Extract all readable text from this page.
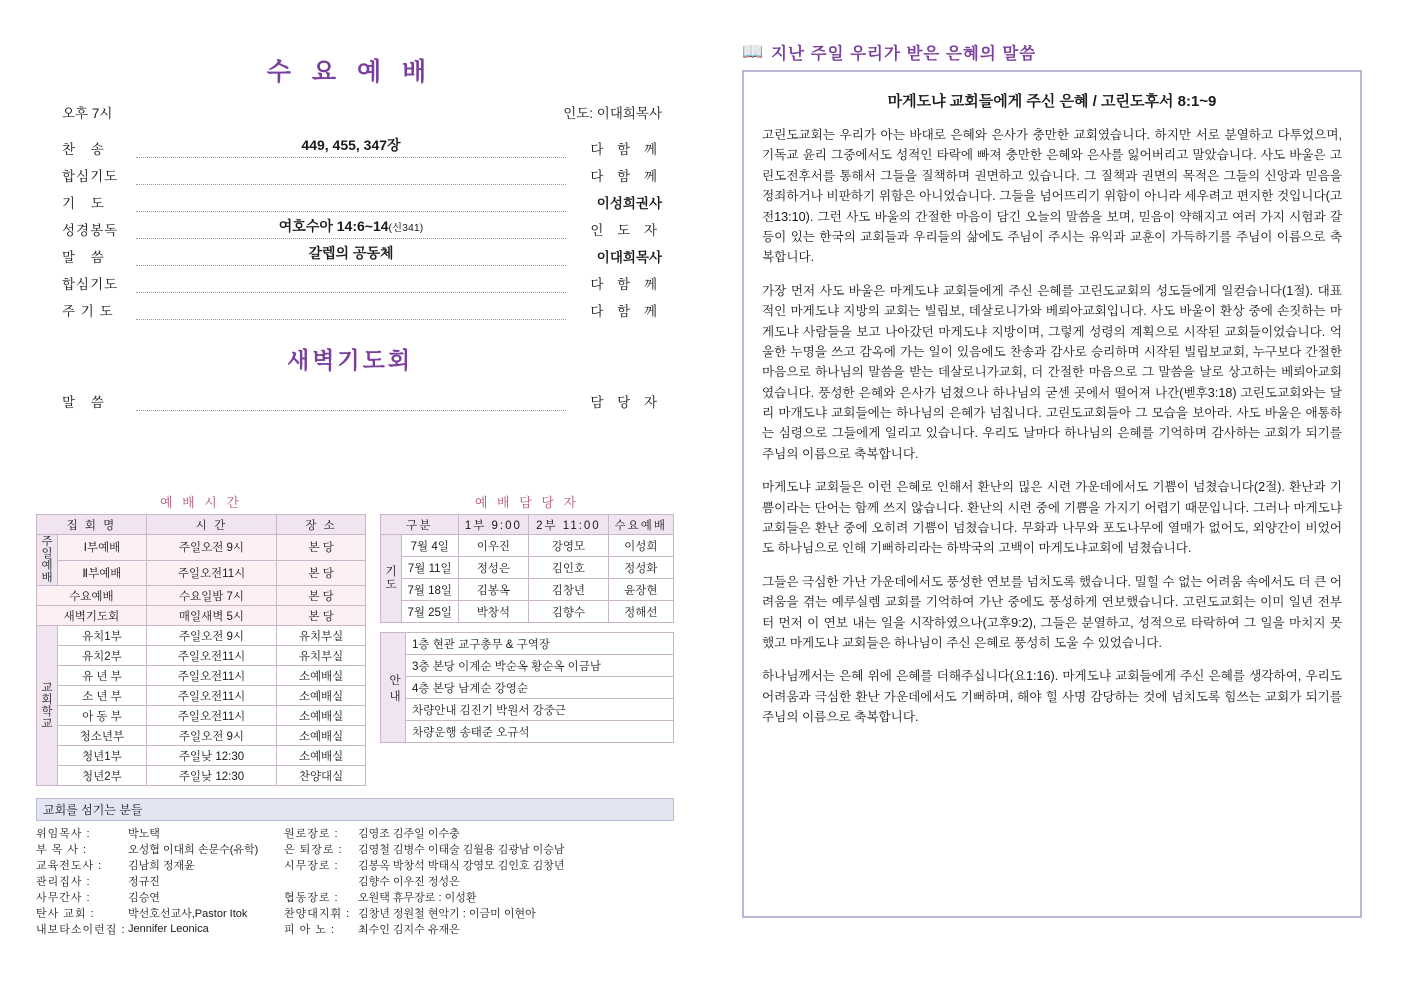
수 요 예 배
오후 7시	인도: 이대희목사
찬 송	449, 455, 347장	다 함 께
합심기도	다 함 께
기 도	이성희권사
성경봉독	여호수아 14:6~14(신341)	인 도 자
말 씀	갈렙의 공동체	이대희목사
합심기도	다 함 께
주 기 도	다 함 께
새벽기도회
말 씀	담 당 자
예 배 시 간
집 회 명		시 간	장 소
주일예배	Ⅰ부예배	주일오전 9시	본 당
	Ⅱ부예배	주일오전11시	본 당
수요예배		수요일밤 7시	본 당
새벽기도회		매일새벽 5시	본 당
교회학교	유치1부	주일오전 9시	유치부실
	유치2부	주일오전11시	유치부실
	유 년 부	주일오전11시	소예배실
	소 년 부	주일오전11시	소예배실
	아 동 부	주일오전11시	소예배실
	청소년부	주일오전 9시	소예배실
	청년1부	주일낮 12:30	소예배실
	청년2부	주일낮 12:30	찬양대실
예 배 담 당 자
구분		1부 9:00	2부 11:00	수요예배
기도	7월 4일	이우진	강영모	이성희
	7월 11일	정성은	김인호	정성화
	7월 18일	김봉옥	김창년	윤장현
	7월 25일	박창석	김향수	정해선
안내	1층 현관 교구총무 & 구역장
3층 본당 이계순 박순옥 황순옥 이금남
4층 본당 남계순 강영순
차량안내 김진기 박원서 강중근
차량운행 송태준 오규석
교회를 섬기는 분들
위임목사 :	박노택
부 목 사 :	오성협 이대희 손문수(유학)
교육전도사 :	김남희 정재윤
관리집사 :	정규진
사무간사 :	김승연
탄사 교회 :	박선호선교사,Pastor Itok
내보타소이런집 : Jennifer Leonica
원로장로 :	김영조 김주일 이수충
은 퇴장로 :	김영철 김병수 이태술 김월용 김광남 이승남
시무장로 :	김봉옥 박창석 박태식 강영모 김인호 김창년
김향수 이우진 정성은
협동장로 :	오원택 휴무장로 : 이성환
찬양대지휘 : 김창년 정원철 현악기 : 이금미 이현아
피 아 노 :	최수인 김지수 유재은
📖 지난 주일 우리가 받은 은혜의 말씀
마게도냐 교회들에게 주신 은혜 / 고린도후서 8:1~9

고린도교회는 우리가 아는 바대로 은혜와 은사가 충만한 교회였습니다. 하지만 서로 분열하고 다투었으며, 기독교 윤리 그중에서도 성적인 타락에 빠져 충만한 은혜와 은사를 잃어버리고 말았습니다. 사도 바울은 고린도전후서를 통해서 그들을 질책하며 권면하고 있습니다. 그 질책과 권면의 목적은 그들의 신앙과 믿음을 정죄하거나 비판하기 위함은 아니었습니다. 그들을 넘어뜨리기 위함이 아니라 세우려고 편지한 것입니다(고전13:10). 그런 사도 바울의 간절한 마음이 담긴 오늘의 말씀을 보며, 믿음이 약해지고 여러 가지 시험과 갈등이 있는 한국의 교회들과 우리들의 삶에도 주님이 주시는 유익과 교훈이 가득하기를 주님이 이름으로 축복합니다.

가장 먼저 사도 바울은 마게도냐 교회들에게 주신 은혜를 고린도교회의 성도들에게 일컫습니다(1절). 대표적인 마게도냐 지방의 교회는 빌립보, 데살로니가와 베뢰아교회입니다. 사도 바울이 환상 중에 손짓하는 마게도냐 사람들을 보고 나아갔던 마게도냐 지방이며, 그렇게 성령의 계획으로 시작된 교회들이었습니다. 억울한 누명을 쓰고 감옥에 가는 일이 있음에도 찬송과 감사로 승리하며 시작된 빌립보교회, 누구보다 간절한 마음으로 하나님의 말씀을 받는 데살로니가교회, 더 간절한 마음으로 그 말씀을 날로 상고하는 베뢰아교회였습니다. 풍성한 은혜와 은사가 넘쳤으나 하나님의 굳센 곳에서 떨어져 나간(벧후3:18) 고린도교회와는 달리 마개도냐 교회들에는 하나님의 은혜가 넘칩니다. 고린도교회들아 그 모습을 보아라. 사도 바울은 애통하는 심령으로 그들에게 일리고 있습니다. 우리도 날마다 하나님의 은혜를 기억하며 감사하는 교회가 되기를 주님의 이름으로 축복합니다.

마게도냐 교회들은 이런 은혜로 인해서 환난의 믾은 시련 가운데에서도 기쁨이 넘쳤습니다(2절). 환난과 기쁨이라는 단어는 함께 쓰지 않습니다. 환난의 시련 중에 기쁨을 가지기 어렵기 때문입니다. 그러나 마게도냐 교회들은 환난 중에 오히려 기쁨이 넘쳤습니다. 무화과 나무와 포도나무에 열매가 없어도, 외양간이 비었어도 하나님으로 인해 기뻐하리라는 하박국의 고백이 마게도냐교회에 넘쳤습니다.

그들은 극심한 가난 가운데에서도 풍성한 연보를 넘치도록 했습니다. 밀힐 수 없는 어려움 속에서도 더 큰 어려움을 겪는 예루실렘 교회를 기억하여 가난 중에도 풍성하게 연보했습니다. 고린도교회는 이미 일년 전부터 먼저 이 연보 내는 일을 시작하였으나(고후9:2), 그들은 분열하고, 성적으로 타락하여 그 일을 마치지 못했고 마게도냐 교회들은 하나님이 주신 은혜로 풍성히 도울 수 있었습니다.

하나님께서는 은혜 위에 은혜를 더해주십니다(요1:16). 마게도냐 교회들에게 주신 은혜를 생각하여, 우리도 어려움과 극심한 환난 가운데에서도 기뻐하며, 해야 힐 사명 감당하는 것에 넘치도록 힘쓰는 교회가 되기를 주님의 이름으로 축복합니다.
